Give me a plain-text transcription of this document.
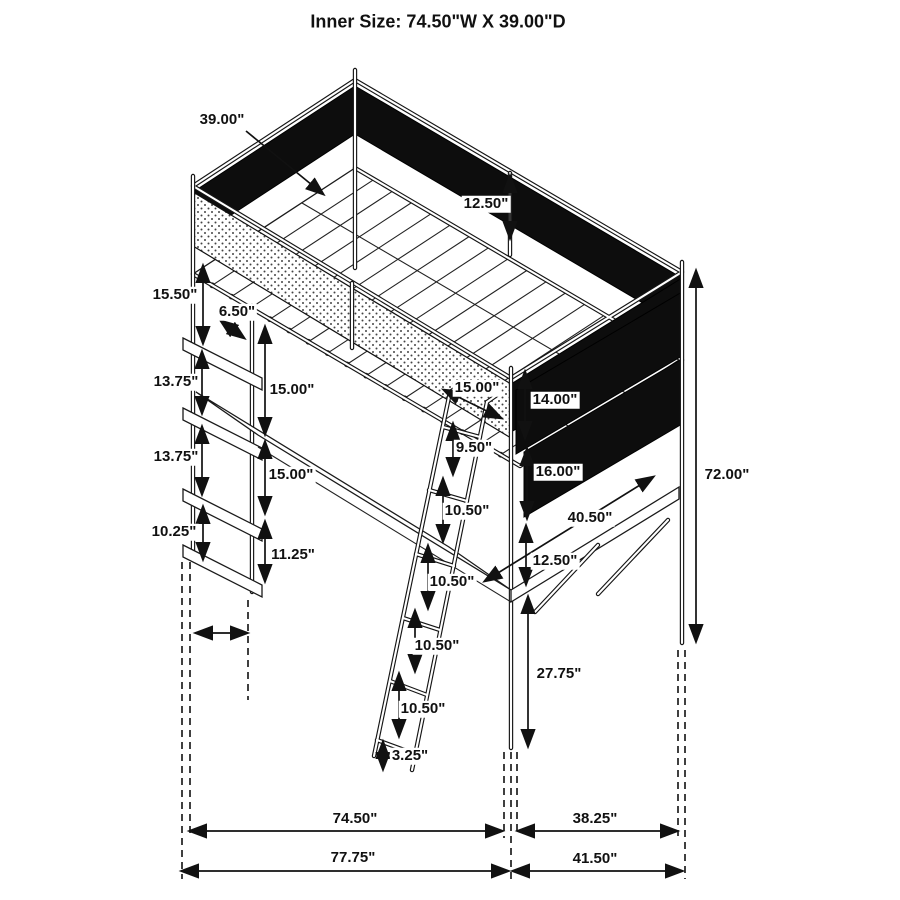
Inner Size: 74.50"W X 39.00"D
39.00"
12.50"
15.50"
6.50"
13.75"	15.00"
13.75"
15.00"
10.25"
11.25"
15.00"
14.00"
9.50"
16.00"
40.50"
10.50"
12.50"
10.50"
10.50"
27.75"
10.50"
3.25"
72.00"
74.50"	38.25"
77.75"	41.50"
